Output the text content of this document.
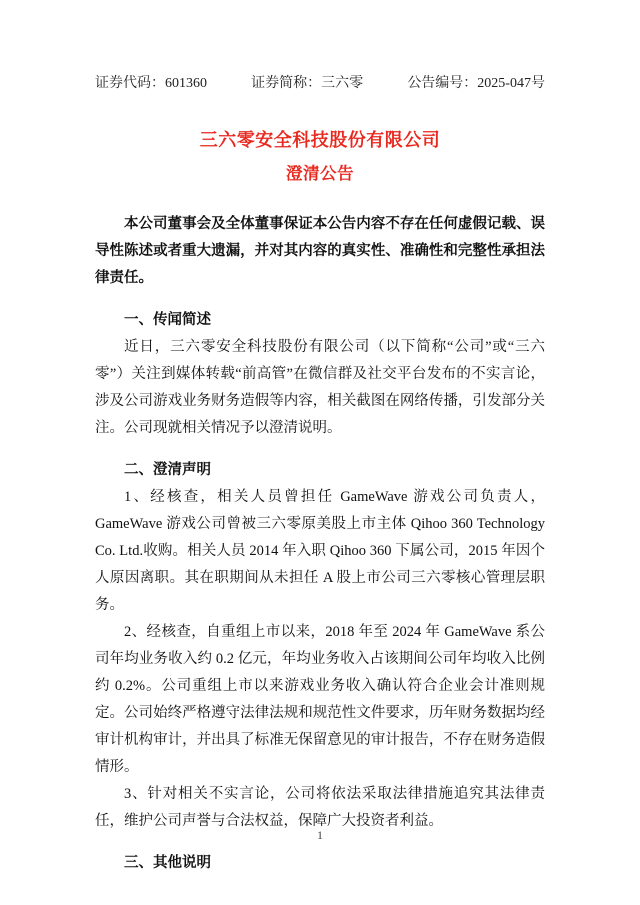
证券代码：601360	证券简称：三六零	公告编号：2025-047号
三六零安全科技股份有限公司
澄清公告

本公司董事会及全体董事保证本公告内容不存在任何虚假记载、误导性陈述或者重大遗漏，并对其内容的真实性、准确性和完整性承担法律责任。

一、传闻简述

近日，三六零安全科技股份有限公司（以下简称“公司”或“三六零”）关注到媒体转载“前高管”在微信群及社交平台发布的不实言论，涉及公司游戏业务财务造假等内容，相关截图在网络传播，引发部分关注。公司现就相关情况予以澄清说明。

二、澄清声明

1、经核查，相关人员曾担任 GameWave 游戏公司负责人，GameWave 游戏公司曾被三六零原美股上市主体 Qihoo 360 Technology Co. Ltd.收购。相关人员 2014 年入职 Qihoo 360 下属公司，2015 年因个人原因离职。其在职期间从未担任 A 股上市公司三六零核心管理层职务。

2、经核查，自重组上市以来，2018 年至 2024 年 GameWave 系公司年均业务收入约 0.2 亿元，年均业务收入占该期间公司年均收入比例约 0.2%。公司重组上市以来游戏业务收入确认符合企业会计准则规定。公司始终严格遵守法律法规和规范性文件要求，历年财务数据均经审计机构审计，并出具了标准无保留意见的审计报告，不存在财务造假情形。

3、针对相关不实言论，公司将依法采取法律措施追究其法律责任，维护公司声誉与合法权益，保障广大投资者利益。

三、其他说明
1
